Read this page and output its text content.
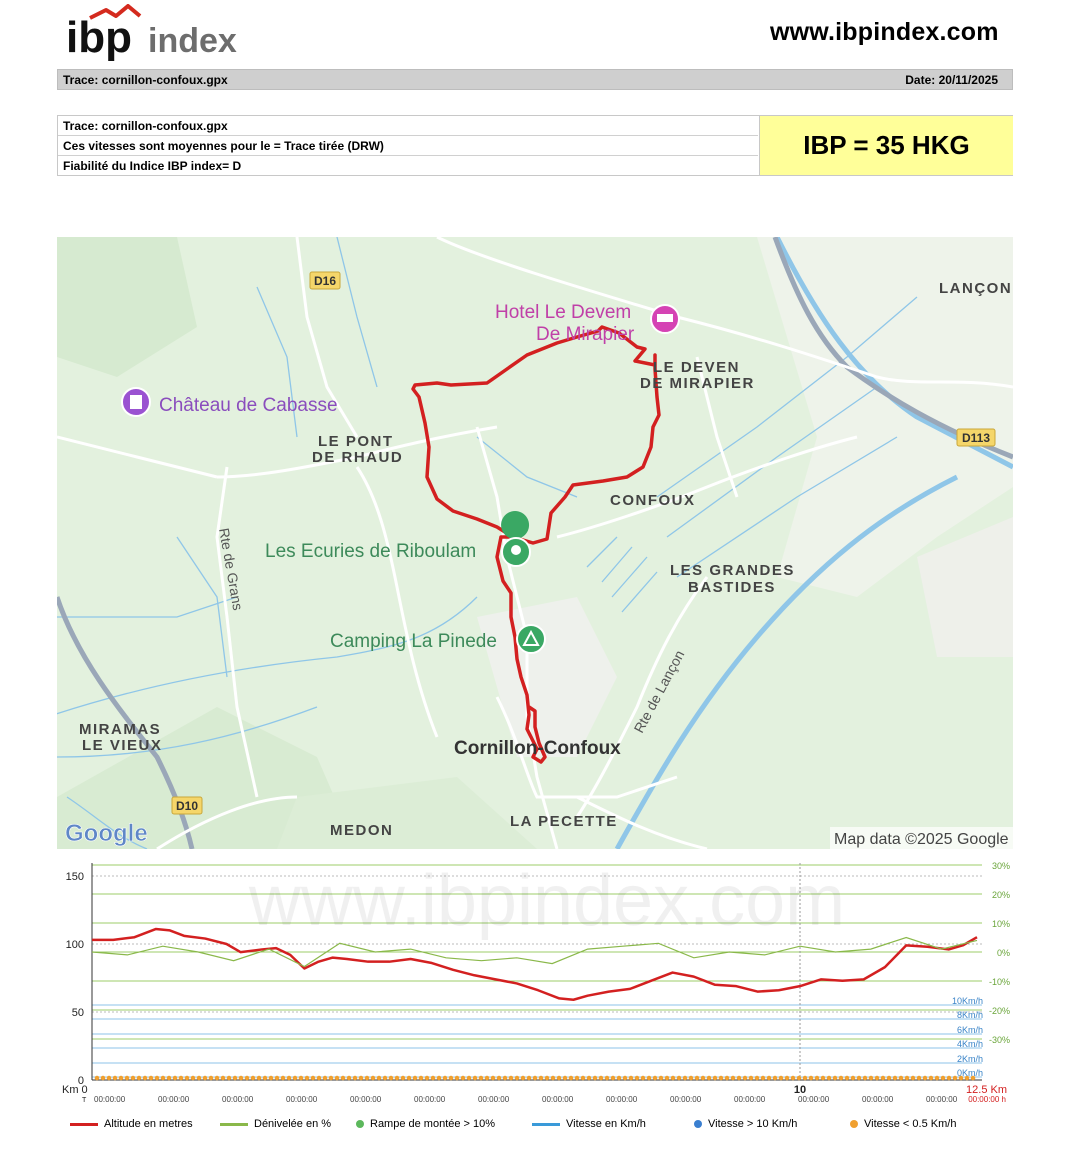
ibp index	www.ibpindex.com
Trace: cornillon-confoux.gpx	Date: 20/11/2025
Trace: cornillon-confoux.gpx
Ces vitesses sont moyennes pour le = Trace tirée (DRW)
Fiabilité du Indice IBP index= D
IBP = 35 HKG
D16
D113
D10
Hotel Le Devem
De Mirapier
LANÇON
LE DEVEN
DE MIRAPIER
Château de Cabasse
LE PONT
DE RHAUD
CONFOUX
Les Ecuries de Riboulam
LES GRANDES
BASTIDES
Camping La Pinede
Rte de Grans
Rte de Lançon
MIRAMAS
LE VIEUX	Cornillon-Confoux
MEDON
LA PECETTE
Google	Map data ©2025 Google
www.ibpindex.com
150
100
50
0
30%
20%
10%
0%
-10%
-20%
-30%
10Km/h
8Km/h
6Km/h
4Km/h
2Km/h
0Km/h
Km 0
T
10	12.5 Km
00:00:00 h
00:00:00	00:00:00	00:00:00	00:00:00	00:00:00	00:00:00	00:00:00	00:00:00	00:00:00	00:00:00	00:00:00	00:00:00	00:00:00	00:00:00
Altitude en metres	Dénivelée en %	Rampe de montée > 10%	Vitesse en Km/h	Vitesse > 10 Km/h	Vitesse < 0.5 Km/h
